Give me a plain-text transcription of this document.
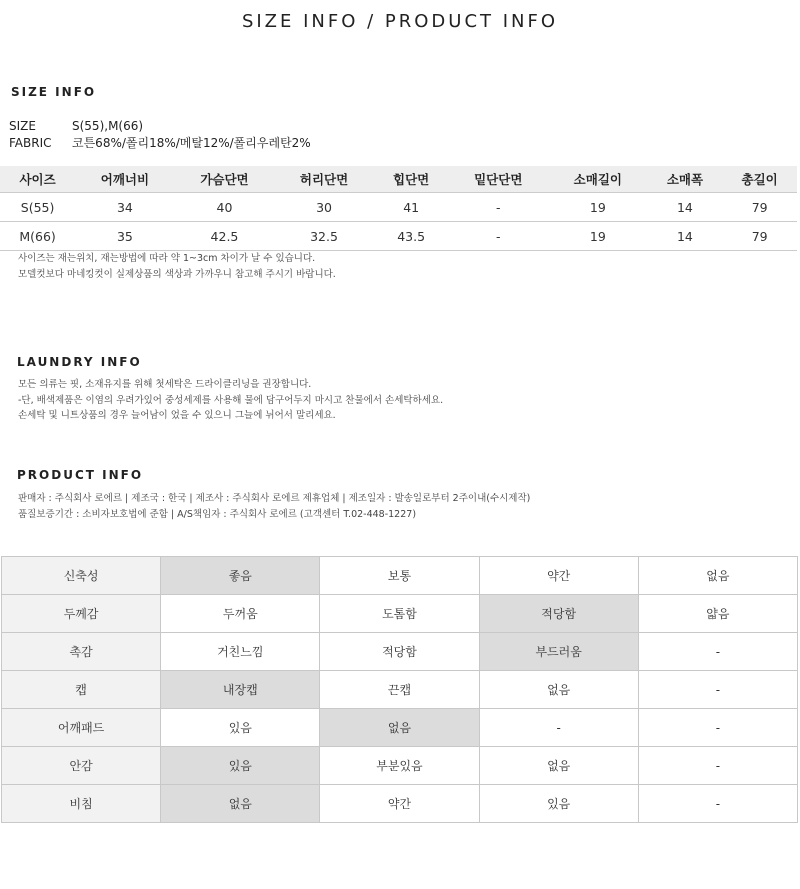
SIZE INFO / PRODUCT INFO
SIZE INFO
SIZE	S(55),M(66)
FABRIC 코튼68%/폴리18%/메탈12%/폴리우레탄2%
사이즈	어깨너비	가슴단면	허리단면	힙단면	밑단단면	소매길이	소매폭	총길이
S(55)	34	40	30	41	-	19	14	79
M(66)	35	42.5	32.5	43.5	-	19	14	79
사이즈는 재는위치, 재는방법에 따라 약 1~3cm 차이가 날 수 있습니다.
모델컷보다 마네킹컷이 실제상품의 색상과 가까우니 참고해 주시기 바랍니다.
LAUNDRY INFO
모든 의류는 핏, 소재유지를 위해 첫세탁은 드라이클리닝을 권장합니다.
-단, 배색제품은 이염의 우려가있어 중성세제를 사용해 물에 담구어두지 마시고 찬물에서 손세탁하세요.
손세탁 및 니트상품의 경우 늘어남이 었을 수 있으니 그늘에 뉘어서 말리세요.
PRODUCT INFO
판매자 : 주식회사 로에르 | 제조국 : 한국 | 제조사 : 주식회사 로에르 제휴업체 | 제조일자 : 발송일로부터 2주이내(수시제작)
품질보증기간 : 소비자보호법에 준함 | A/S책임자 : 주식회사 로에르 (고객센터 T.02-448-1227)
신축성	좋음	보통	약간	없음
두께감	두꺼움	도톰함	적당함	얇음
촉감	거친느낌	적당함	부드러움	-
캡	내장캡	끈캡	없음	-
어깨패드	있음	없음	-	-
안감	있음	부분있음	없음	-
비침	없음	약간	있음	-
